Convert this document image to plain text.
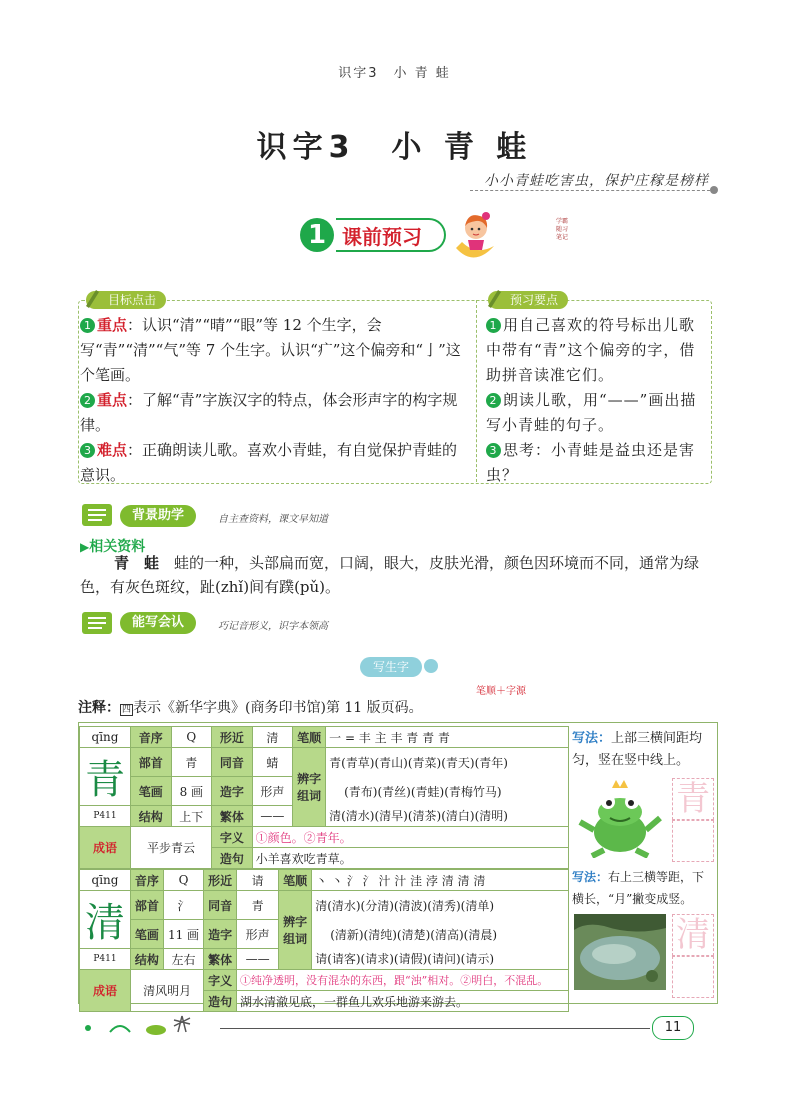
识字3　小 青 蛙
识字3　小 青 蛙
小小青蛙吃害虫，保护庄稼是榜样
1 课前预习
学霸随习笔记
目标点击	预习要点
1 重点：认识“清”“晴”“眼”等 12 个生字，会写“青”“清”“气”等 7 个生字。认识“疒”这个偏旁和“亅”这个笔画。
2 重点：了解“青”字族汉字的特点，体会形声字的构字规律。
3 难点：正确朗读儿歌。喜欢小青蛙，有自觉保护青蛙的意识。
1 用自己喜欢的符号标出儿歌中带有“青”这个偏旁的字，借助拼音读准它们。
2 朗读儿歌，用“——”画出描写小青蛙的句子。
3 思考：小青蛙是益虫还是害虫？
背景助学	自主查资料，课文早知道
▶相关资料
青　蛙　 蛙的一种，头部扁而宽，口阔，眼大，皮肤光滑，颜色因环境而不同，通常为绿色，有灰色斑纹，趾(zhǐ)间有蹼(pǔ)。
能写会认	巧记音形义，识字本领高
写生字
笔顺＋字源
注释： 四 表示《新华字典》(商务印书馆)第 11 版页码。
qīng	音序	Q	形近	清	笔顺	一 = 丰 主 丰 青 青 青
青	部首	青	同音	蜻	辨字组词	青(青草)(青山)(青菜)(青天)(青年)
	笔画	8 画	造字	形声		(青布)(青丝)(青蛙)(青梅竹马)
P411	结构	上下	繁体	——		清(清水)(清早)(清茶)(清白)(清明)
成语	平步青云		字义	①颜色。②青年。		
			造句	小羊喜欢吃青草。		
写法：上部三横间距均匀，竖在竖中线上。
青
qīng	音序	Q	形近	请	笔顺	丶 丶 氵 氵 汁 汁 洼 浡 清 清 清
清	部首	氵	同音	青	辨字组词	清(清水)(分清)(清波)(清秀)(清单)
	笔画	11 画	造字	形声		(清新)(清纯)(清楚)(清高)(清晨)
P411	结构	左右	繁体	——		请(请客)(请求)(请假)(请问)(请示)
成语	清风明月		字义	①纯净透明，没有混杂的东西，跟“浊”相对。②明白，不混乱。		
			造句	湖水清澈见底，一群鱼儿欢乐地游来游去。		
写法：右上三横等距，下横长，“月”撇变成竖。
清
11
